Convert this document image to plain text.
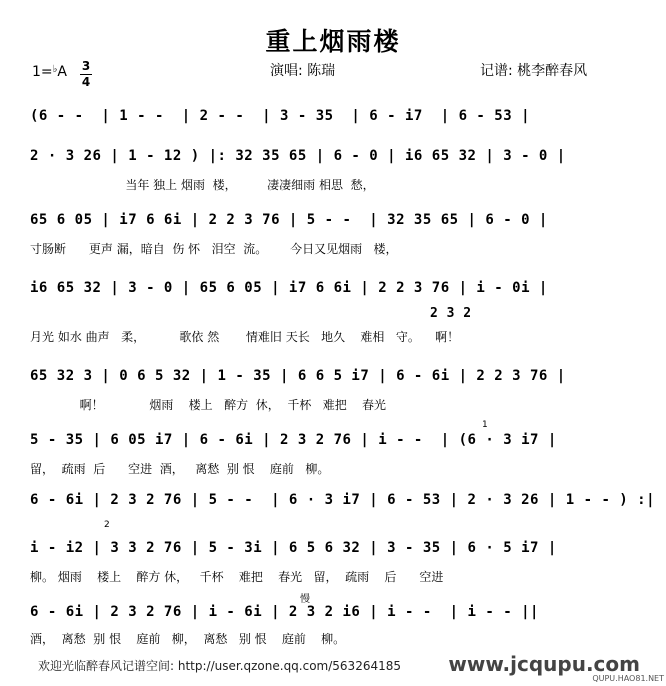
重上烟雨楼
演唱: 陈瑞	记谱: 桃李醉春风
1=♭A 3
4
(6 - -  | 1 - -  | 2 - -  | 3 - 35  | 6 - i7  | 6 - 53 |
2 · 3 26 | 1 - 12 ) |: 32 35 65 | 6 - 0 | i6 65 32 | 3 - 0 |
当年 独上 烟雨  楼，        凄凄细雨 相思  愁，
65 6 05 | i7 6 6i | 2 2 3 76 | 5 - -  | 32 35 65 | 6 - 0 |
寸肠断      更声 漏，暗自  伤 怀   泪空  流。      今日又见烟雨   楼，
i6 65 32 | 3 - 0 | 65 6 05 | i7 6 6i | 2 2 3 76 | i - 0i |
2 3 2
月光 如水 曲声   柔，         歌依 然       情难旧 天长   地久    难相   守。    啊！
65 32 3 | 0 6 5 32 | 1 - 35 | 6 6 5 i7 | 6 - 6i | 2 2 3 76 |
啊！            烟雨    楼上   醉方  休，  千杯   难把    春光
1
5 - 35 | 6 05 i7 | 6 - 6i | 2 3 2 76 | i - -  | (6 · 3 i7 |
留，  疏雨  后      空进  酒，   离愁  别 恨    庭前   柳。
6 - 6i | 2 3 2 76 | 5 - -  | 6 · 3 i7 | 6 - 53 | 2 · 3 26 | 1 - - ) :|
2
i - i2 | 3 3 2 76 | 5 - 3i | 6 5 6 32 | 3 - 35 | 6 · 5 i7 |
柳。 烟雨    楼上    醉方 休，   千杯    难把    春光   留，  疏雨    后      空进
慢
6 - 6i | 2 3 2 76 | i - 6i | 2 3 2 i6 | i - -  | i - - ||
酒，  离愁  别 恨    庭前   柳，  离愁   别 恨    庭前    柳。
欢迎光临醉春风记谱空间: http://user.qzone.qq.com/563264185 www.jcqupu.com
QUPU.HAO81.NET
